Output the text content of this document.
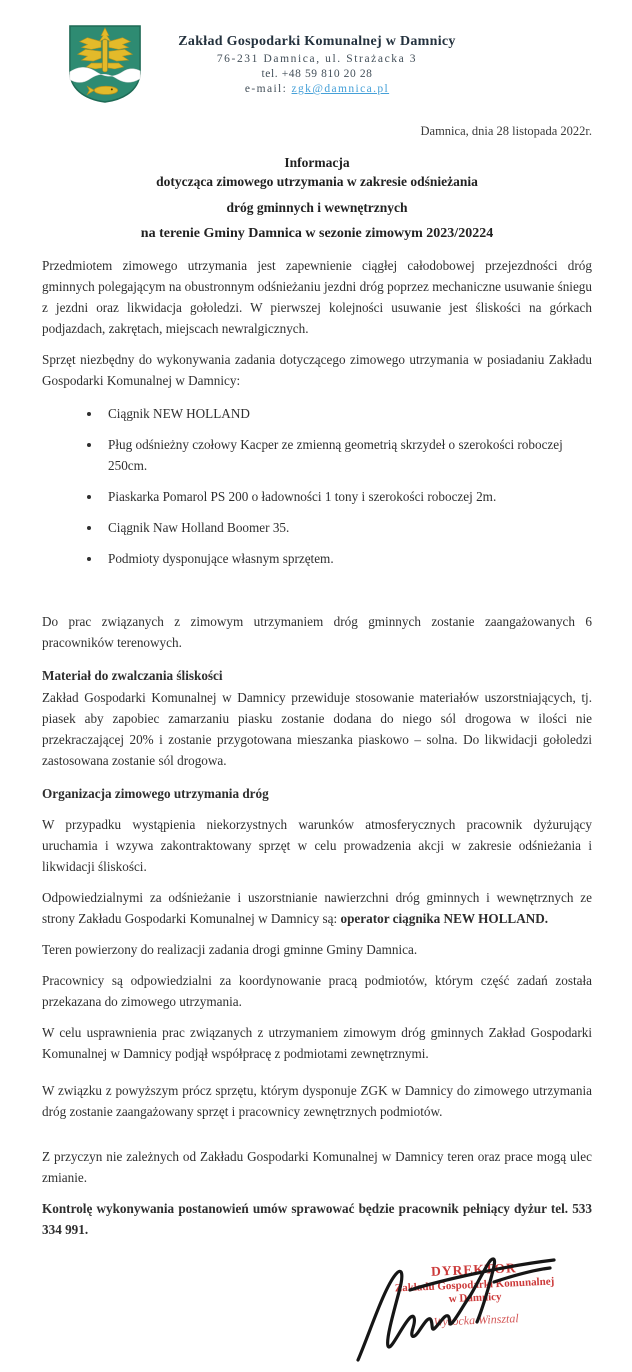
Zakład Gospodarki Komunalnej w Damnicy
76-231 Damnica, ul. Strażacka 3
tel. +48 59 810 20 28
e-mail: zgk@damnica.pl
Damnica, dnia 28 listopada 2022r.
Informacja
dotycząca zimowego utrzymania w zakresie odśnieżania
dróg gminnych i wewnętrznych
na terenie Gminy Damnica w sezonie zimowym 2023/20224

Przedmiotem zimowego utrzymania jest zapewnienie ciągłej całodobowej przejezdności dróg gminnych polegającym na obustronnym odśnieżaniu jezdni dróg poprzez mechaniczne usuwanie śniegu z jezdni oraz likwidacja gołoledzi. W pierwszej kolejności usuwanie jest śliskości na górkach podjazdach, zakrętach, miejscach newralgicznych.

Sprzęt niezbędny do wykonywania zadania dotyczącego zimowego utrzymania w posiadaniu Zakładu Gospodarki Komunalnej w Damnicy:

• Ciągnik NEW HOLLAND
• Pług odśnieżny czołowy Kacper ze zmienną geometrią skrzydeł o szerokości roboczej 250cm.
• Piaskarka Pomarol PS 200 o ładowności 1 tony i szerokości roboczej 2m.
• Ciągnik Naw Holland Boomer 35.
• Podmioty dysponujące własnym sprzętem.

Do prac związanych z zimowym utrzymaniem dróg gminnych zostanie zaangażowanych 6 pracowników terenowych.

Materiał do zwalczania śliskości

Zakład Gospodarki Komunalnej w Damnicy przewiduje stosowanie materiałów uszorstniających, tj. piasek aby zapobiec zamarzaniu piasku zostanie dodana do niego sól drogowa w ilości nie przekraczającej 20% i zostanie przygotowana mieszanka piaskowo – solna. Do likwidacji gołoledzi zastosowana zostanie sól drogowa.

Organizacja zimowego utrzymania dróg

W przypadku wystąpienia niekorzystnych warunków atmosferycznych pracownik dyżurujący uruchamia i wzywa zakontraktowany sprzęt w celu prowadzenia akcji w zakresie odśnieżania i likwidacji śliskości.

Odpowiedzialnymi za odśnieżanie i uszorstnianie nawierzchni dróg gminnych i wewnętrznych ze strony Zakładu Gospodarki Komunalnej w Damnicy są: operator ciągnika NEW HOLLAND.

Teren powierzony do realizacji zadania drogi gminne Gminy Damnica.

Pracownicy są odpowiedzialni za koordynowanie pracą podmiotów, którym część zadań została przekazana do zimowego utrzymania.

W celu usprawnienia prac związanych z utrzymaniem zimowym dróg gminnych Zakład Gospodarki Komunalnej w Damnicy podjął współpracę z podmiotami zewnętrznymi.

W związku z powyższym prócz sprzętu, którym dysponuje ZGK w Damnicy do zimowego utrzymania dróg zostanie zaangażowany sprzęt i pracownicy zewnętrznych podmiotów.

Z przyczyn nie zależnych od Zakładu Gospodarki Komunalnej w Damnicy teren oraz prace mogą ulec zmianie.

Kontrolę wykonywania postanowień umów sprawować będzie pracownik pełniący dyżur tel. 533 334 991.

DYREKTOR
Zakładu Gospodarki Komunalnej
w Damnicy
Wysocka Winsztal
